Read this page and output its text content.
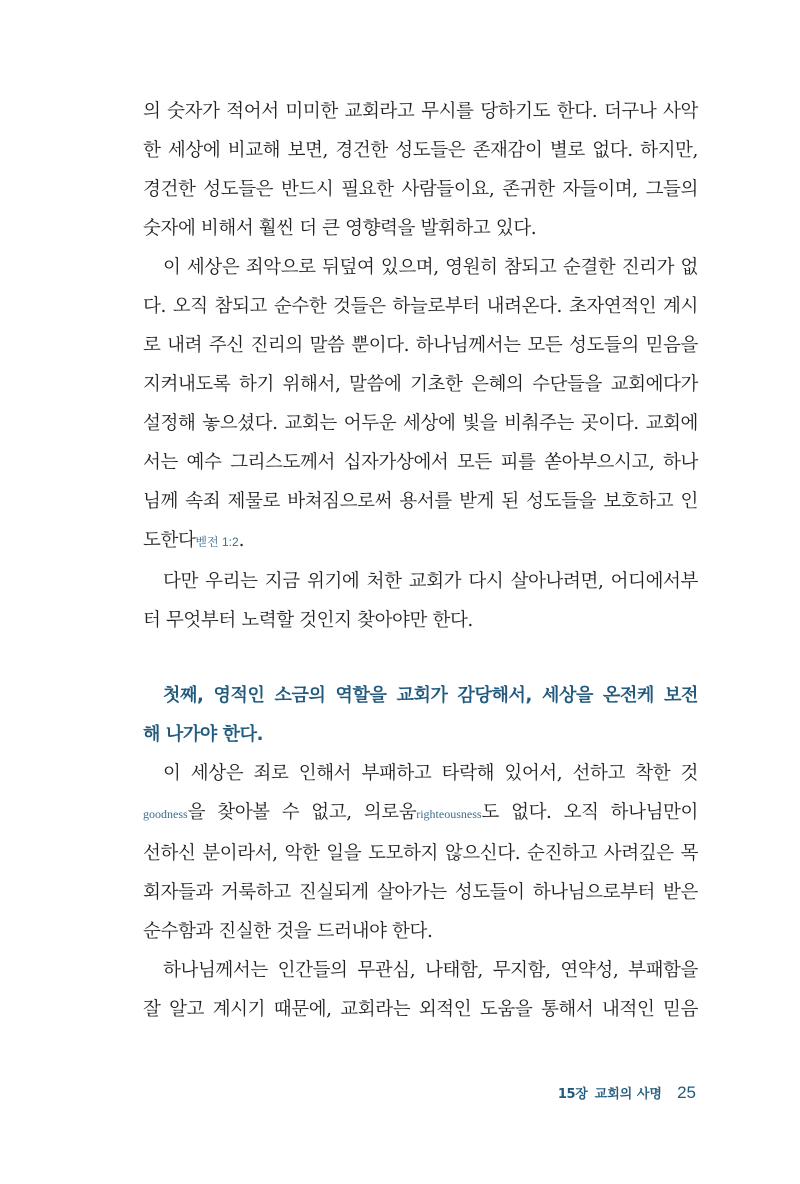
의 숫자가 적어서 미미한 교회라고 무시를 당하기도 한다. 더구나 사악

한 세상에 비교해 보면, 경건한 성도들은 존재감이 별로 없다. 하지만,

경건한 성도들은 반드시 필요한 사람들이요, 존귀한 자들이며, 그들의

숫자에 비해서 훨씬 더 큰 영향력을 발휘하고 있다.

이 세상은 죄악으로 뒤덮여 있으며, 영원히 참되고 순결한 진리가 없

다. 오직 참되고 순수한 것들은 하늘로부터 내려온다. 초자연적인 계시

로 내려 주신 진리의 말씀 뿐이다. 하나님께서는 모든 성도들의 믿음을

지켜내도록 하기 위해서, 말씀에 기초한 은혜의 수단들을 교회에다가

설정해 놓으셨다. 교회는 어두운 세상에 빛을 비춰주는 곳이다. 교회에

서는 예수 그리스도께서 십자가상에서 모든 피를 쏟아부으시고, 하나

님께 속죄 제물로 바쳐짐으로써 용서를 받게 된 성도들을 보호하고 인

도한다벧전 1:2.

다만 우리는 지금 위기에 처한 교회가 다시 살아나려면, 어디에서부

터 무엇부터 노력할 것인지 찾아야만 한다.

첫째, 영적인 소금의 역할을 교회가 감당해서, 세상을 온전케 보전

해 나가야 한다.

이 세상은 죄로 인해서 부패하고 타락해 있어서, 선하고 착한 것

goodness을 찾아볼 수 없고, 의로움righteousness도 없다. 오직 하나님만이

선하신 분이라서, 악한 일을 도모하지 않으신다. 순진하고 사려깊은 목

회자들과 거룩하고 진실되게 살아가는 성도들이 하나님으로부터 받은

순수함과 진실한 것을 드러내야 한다.

하나님께서는 인간들의 무관심, 나태함, 무지함, 연약성, 부패함을

잘 알고 계시기 때문에, 교회라는 외적인 도움을 통해서 내적인 믿음

15장 교회의 사명 25
